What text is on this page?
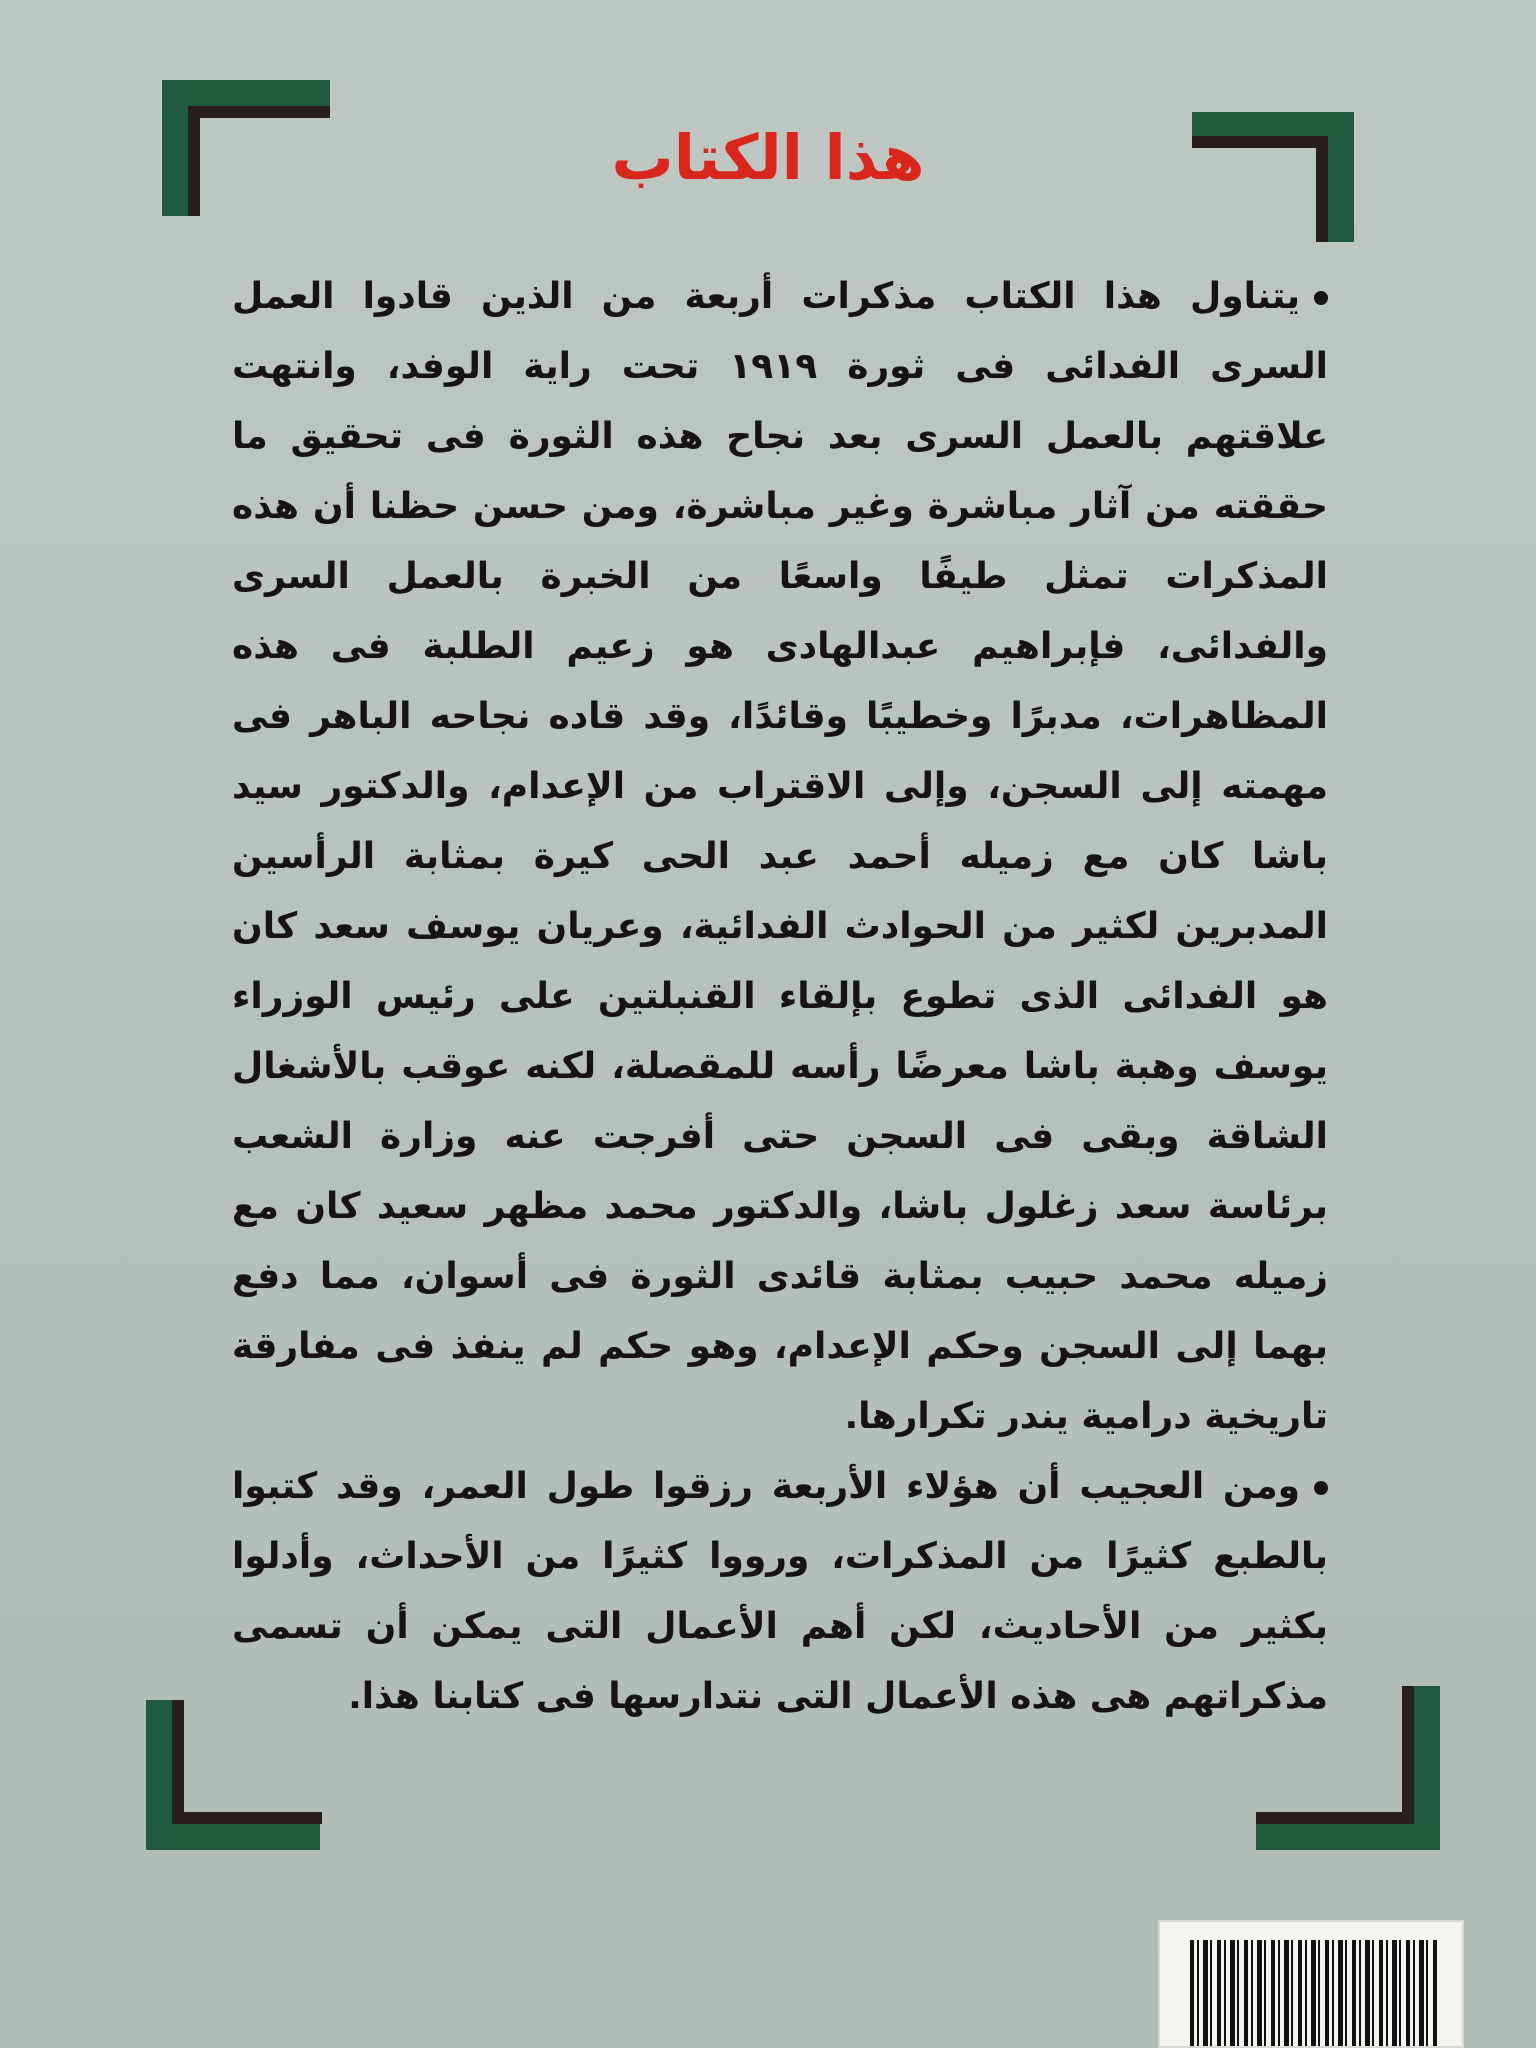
هذا الكتاب

يتناول هذا الكتاب مذكرات أربعة من الذين قادوا العمل السرى الفدائى فى ثورة ١٩١٩ تحت راية الوفد، وانتهت علاقتهم بالعمل السرى بعد نجاح هذه الثورة فى تحقيق ما حققته من آثار مباشرة وغير مباشرة، ومن حسن حظنا أن هذه المذكرات تمثل طيفًا واسعًا من الخبرة بالعمل السرى والفدائى، فإبراهيم عبدالهادى هو زعيم الطلبة فى هذه المظاهرات، مدبرًا وخطيبًا وقائدًا، وقد قاده نجاحه الباهر فى مهمته إلى السجن، وإلى الاقتراب من الإعدام، والدكتور سيد باشا كان مع زميله أحمد عبد الحى كيرة بمثابة الرأسين المدبرين لكثير من الحوادث الفدائية، وعريان يوسف سعد كان هو الفدائى الذى تطوع بإلقاء القنبلتين على رئيس الوزراء يوسف وهبة باشا معرضًا رأسه للمقصلة، لكنه عوقب بالأشغال الشاقة وبقى فى السجن حتى أفرجت عنه وزارة الشعب برئاسة سعد زغلول باشا، والدكتور محمد مظهر سعيد كان مع زميله محمد حبيب بمثابة قائدى الثورة فى أسوان، مما دفع بهما إلى السجن وحكم الإعدام، وهو حكم لم ينفذ فى مفارقة تاريخية درامية يندر تكرارها.

ومن العجيب أن هؤلاء الأربعة رزقوا طول العمر، وقد كتبوا بالطبع كثيرًا من المذكرات، ورووا كثيرًا من الأحداث، وأدلوا بكثير من الأحاديث، لكن أهم الأعمال التى يمكن أن تسمى مذكراتهم هى هذه الأعمال التى نتدارسها فى كتابنا هذا.
